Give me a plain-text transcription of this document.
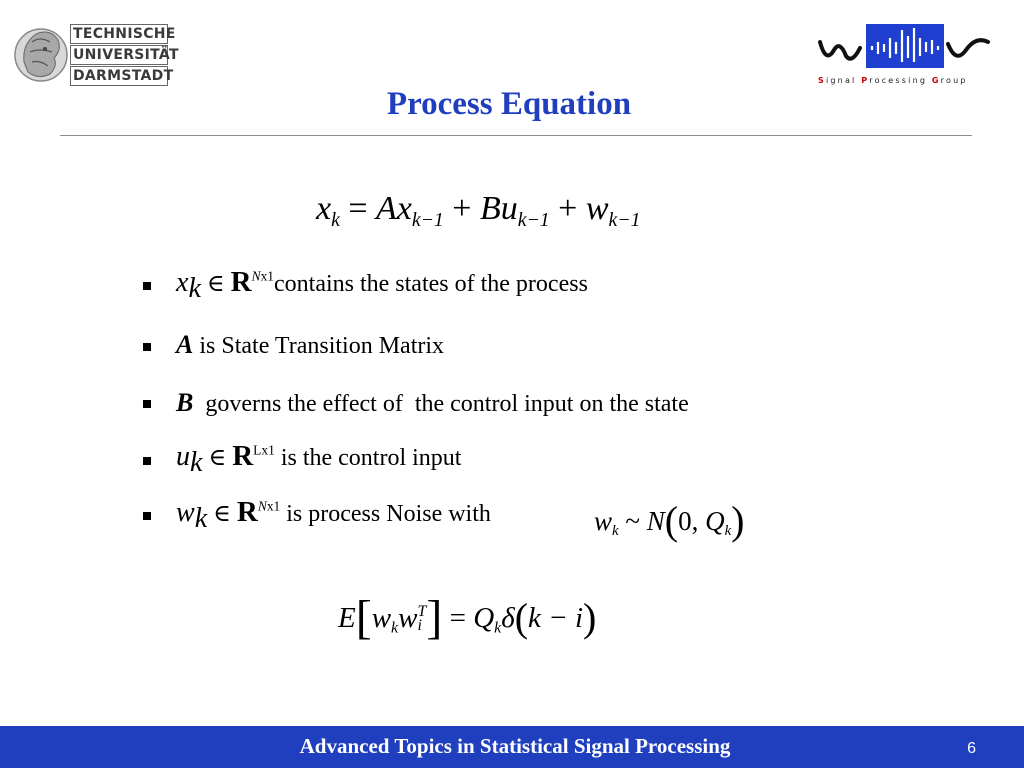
TECHNISCHE
UNIVERSITÄT
DARMSTADT	Signal Processing Group
Process Equation
$x_k = Ax_{k-1} + Bu_{k-1} + w_{k-1}$
$x_k$ ∈ $R^{Nx1}contains$ the states of the process
A is State Transition Matrix
B  governs the effect of  the control input on the state
$u_k$ ∈ $R^{Lx1}$ is the control input
$w_k$ ∈ $R^{Nx1}$ is process Noise with	$w_k$ ~ N(0, $Q_k$)
$E[w_kw$ T
i ] = $Q_k\delta(k - i)$
Advanced Topics in Statistical Signal Processing	6
